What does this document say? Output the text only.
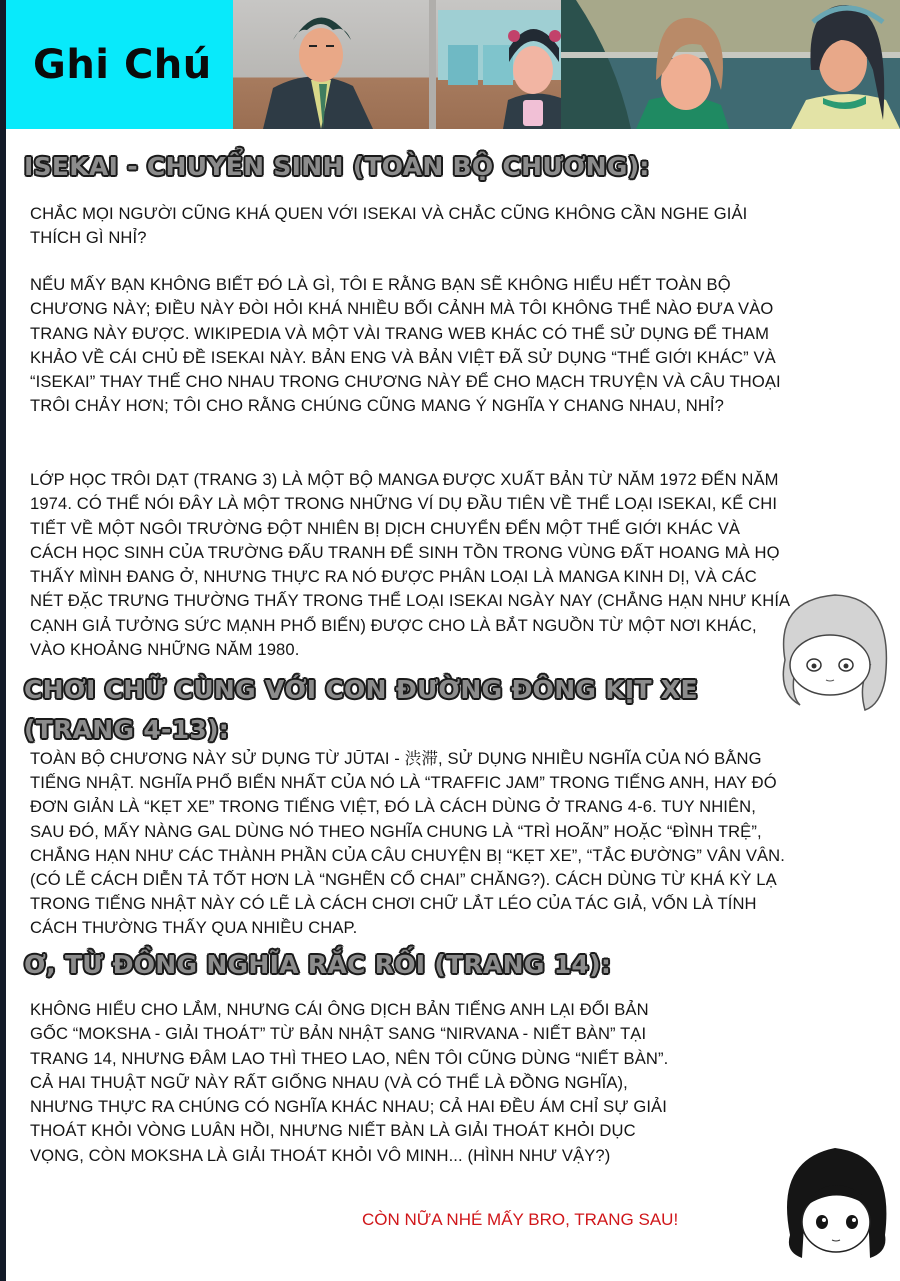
Ghi Chú
ISEKAI - CHUYỂN SINH (TOÀN BỘ CHƯƠNG):
CHẮC MỌI NGƯỜI CŨNG KHÁ QUEN VỚI ISEKAI VÀ CHẮC CŨNG KHÔNG CẦN NGHE GIẢI THÍCH GÌ NHỈ?
NẾU MẤY BẠN KHÔNG BIẾT ĐÓ LÀ GÌ, TÔI E RẰNG BẠN SẼ KHÔNG HIỂU HẾT TOÀN BỘ CHƯƠNG NÀY; ĐIỀU NÀY ĐÒI HỎI KHÁ NHIỀU BỐI CẢNH MÀ TÔI KHÔNG THỂ NÀO ĐƯA VÀO TRANG NÀY ĐƯỢC. WIKIPEDIA VÀ MỘT VÀI TRANG WEB KHÁC CÓ THỂ SỬ DỤNG ĐỂ THAM KHẢO VỀ CÁI CHỦ ĐỀ ISEKAI NÀY. BẢN ENG VÀ BẢN VIỆT ĐÃ SỬ DỤNG “THẾ GIỚI KHÁC” VÀ “ISEKAI” THAY THẾ CHO NHAU TRONG CHƯƠNG NÀY ĐỂ CHO MẠCH TRUYỆN VÀ CÂU THOẠI TRÔI CHẢY HƠN; TÔI CHO RẰNG CHÚNG CŨNG MANG Ý NGHĨA Y CHANG NHAU, NHỈ?
LỚP HỌC TRÔI DẠT (TRANG 3) LÀ MỘT BỘ MANGA ĐƯỢC XUẤT BẢN TỪ NĂM 1972 ĐẾN NĂM 1974. CÓ THỂ NÓI ĐÂY LÀ MỘT TRONG NHỮNG VÍ DỤ ĐẦU TIÊN VỀ THỂ LOẠI ISEKAI, KỂ CHI TIẾT VỀ MỘT NGÔI TRƯỜNG ĐỘT NHIÊN BỊ DỊCH CHUYỂN ĐẾN MỘT THẾ GIỚI KHÁC VÀ CÁCH HỌC SINH CỦA TRƯỜNG ĐẤU TRANH ĐỂ SINH TỒN TRONG VÙNG ĐẤT HOANG MÀ HỌ THẤY MÌNH ĐANG Ở, NHƯNG THỰC RA NÓ ĐƯỢC PHÂN LOẠI LÀ MANGA KINH DỊ, VÀ CÁC NÉT ĐẶC TRƯNG THƯỜNG THẤY TRONG THỂ LOẠI ISEKAI NGÀY NAY (CHẲNG HẠN NHƯ KHÍA CẠNH GIẢ TƯỞNG SỨC MẠNH PHỔ BIẾN) ĐƯỢC CHO LÀ BẮT NGUỒN TỪ MỘT NƠI KHÁC, VÀO KHOẢNG NHỮNG NĂM 1980.
CHƠI CHỮ CÙNG VỚI CON ĐƯỜNG ĐÔNG KỊT XE
(TRANG 4-13):
TOÀN BỘ CHƯƠNG NÀY SỬ DỤNG TỪ JŪTAI - 渋滞, SỬ DỤNG NHIỀU NGHĨA CỦA NÓ BẰNG TIẾNG NHẬT. NGHĨA PHỔ BIẾN NHẤT CỦA NÓ LÀ “TRAFFIC JAM” TRONG TIẾNG ANH, HAY ĐÓ ĐƠN GIẢN LÀ “KẸT XE” TRONG TIẾNG VIỆT, ĐÓ LÀ CÁCH DÙNG Ở TRANG 4-6. TUY NHIÊN, SAU ĐÓ, MẤY NÀNG GAL DÙNG NÓ THEO NGHĨA CHUNG LÀ “TRÌ HOÃN” HOẶC “ĐÌNH TRỆ”, CHẲNG HẠN NHƯ CÁC THÀNH PHẦN CỦA CÂU CHUYỆN BỊ “KẸT XE”, “TẮC ĐƯỜNG” VÂN VÂN. (CÓ LẼ CÁCH DIỄN TẢ TỐT HƠN LÀ “NGHẼN CỔ CHAI” CHĂNG?). CÁCH DÙNG TỪ KHÁ KỲ LẠ TRONG TIẾNG NHẬT NÀY CÓ LẼ LÀ CÁCH CHƠI CHỮ LẮT LÉO CỦA TÁC GIẢ, VỐN LÀ TÍNH CÁCH THƯỜNG THẤY QUA NHIỀU CHAP.
Ơ, TỪ ĐỒNG NGHĨA RẮC RỐI (TRANG 14):
KHÔNG HIỂU CHO LẮM, NHƯNG CÁI ÔNG DỊCH BẢN TIẾNG ANH LẠI ĐỔI BẢN GỐC “MOKSHA - GIẢI THOÁT” TỪ BẢN NHẬT SANG “NIRVANA - NIẾT BÀN” TẠI TRANG 14, NHƯNG ĐÂM LAO THÌ THEO LAO, NÊN TÔI CŨNG DÙNG “NIẾT BÀN”. CẢ HAI THUẬT NGỮ NÀY RẤT GIỐNG NHAU (VÀ CÓ THỂ LÀ ĐỒNG NGHĨA), NHƯNG THỰC RA CHÚNG CÓ NGHĨA KHÁC NHAU; CẢ HAI ĐỀU ÁM CHỈ SỰ GIẢI THOÁT KHỎI VÒNG LUÂN HỒI, NHƯNG NIẾT BÀN LÀ GIẢI THOÁT KHỎI DỤC VỌNG, CÒN MOKSHA LÀ GIẢI THOÁT KHỎI VÔ MINH... (HÌNH NHƯ VẬY?)
CÒN NỮA NHÉ MẤY BRO, TRANG SAU!
